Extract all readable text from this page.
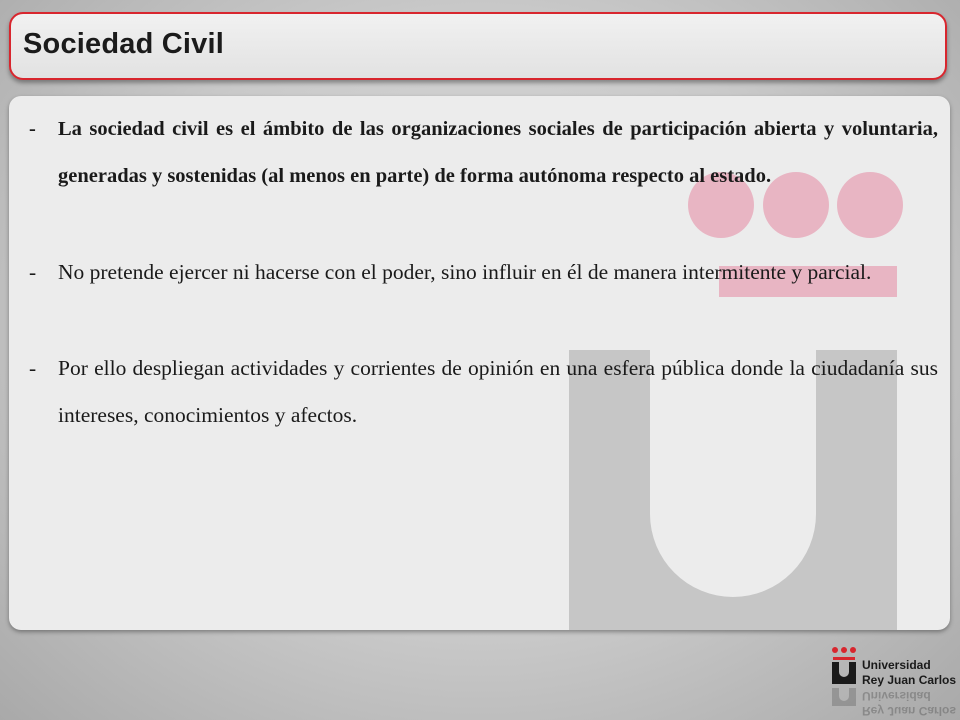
Sociedad Civil
- La sociedad civil es el ámbito de las organizaciones sociales de participación abierta y voluntaria, generadas y sostenidas (al menos en parte) de forma autónoma respecto al estado.
- No pretende ejercer ni hacerse con el poder, sino influir en él de manera intermitente y parcial.
- Por ello despliegan actividades y corrientes de opinión en una esfera pública donde la ciudadanía sus intereses, conocimientos y afectos.
Universidad
Rey Juan Carlos
Rey Juan Carlos
Universidad
